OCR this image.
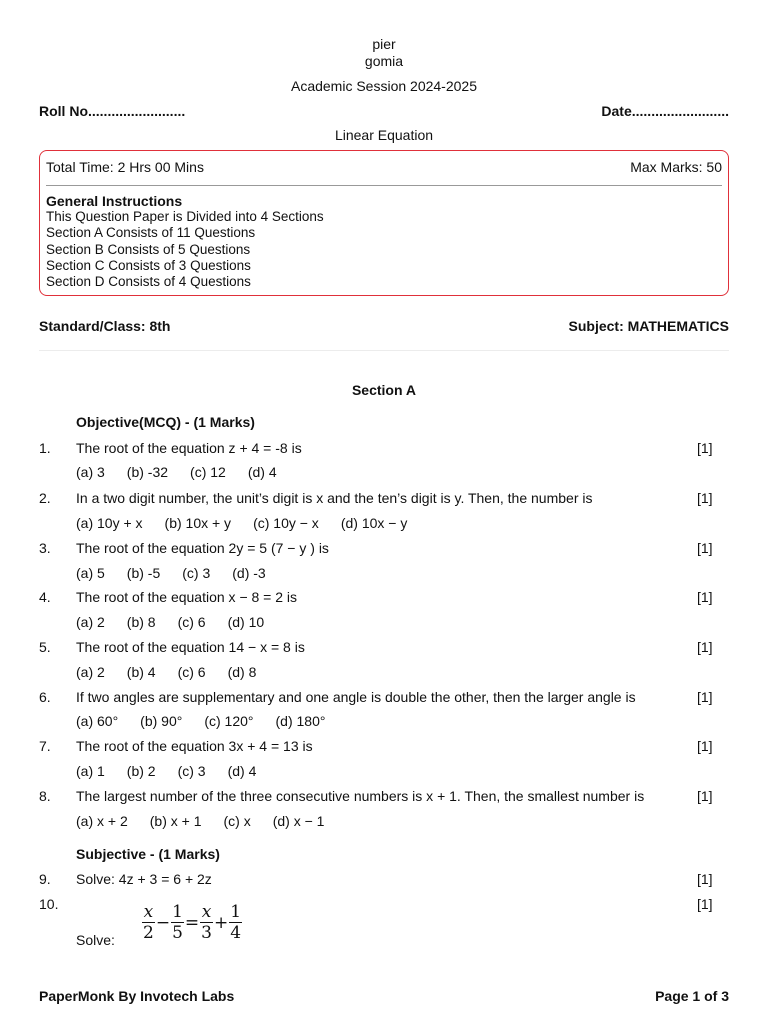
pier
gomia
Academic Session 2024-2025
Roll No.........................	Date.........................
Linear Equation
Total Time: 2 Hrs 00 Mins	Max Marks: 50
General Instructions
This Question Paper is Divided into 4 Sections
Section A Consists of 11 Questions
Section B Consists of 5 Questions
Section C Consists of 3 Questions
Section D Consists of 4 Questions
Standard/Class: 8th	Subject: MATHEMATICS
Section A
Objective(MCQ) - (1 Marks)
1. The root of the equation z + 4 = -8 is	[1]
(a) 3 (b) -32 (c) 12 (d) 4
2. In a two digit number, the unit’s digit is x and the ten’s digit is y. Then, the number is	[1]
(a) 10y + x (b) 10x + y (c) 10y − x (d) 10x − y
3. The root of the equation 2y = 5 (7 − y ) is	[1]
(a) 5 (b) -5 (c) 3 (d) -3
4. The root of the equation x − 8 = 2 is	[1]
(a) 2 (b) 8 (c) 6 (d) 10
5. The root of the equation 14 − x = 8 is	[1]
(a) 2 (b) 4 (c) 6 (d) 8
6. If two angles are supplementary and one angle is double the other, then the larger angle is	[1]
(a) 60° (b) 90° (c) 120° (d) 180°
7. The root of the equation 3x + 4 = 13 is	[1]
(a) 1 (b) 2 (c) 3 (d) 4
8. The largest number of the three consecutive numbers is x + 1. Then, the smallest number is	[1]
(a) x + 2 (b) x + 1 (c) x (d) x − 1
Subjective - (1 Marks)
9. Solve: 4z + 3 = 6 + 2z	[1]
10.	[1]
Solve: $\frac{x}{2} - \frac{1}{5} = \frac{x}{3} + \frac{1}{4}$
PaperMonk By Invotech Labs	Page 1 of 3
